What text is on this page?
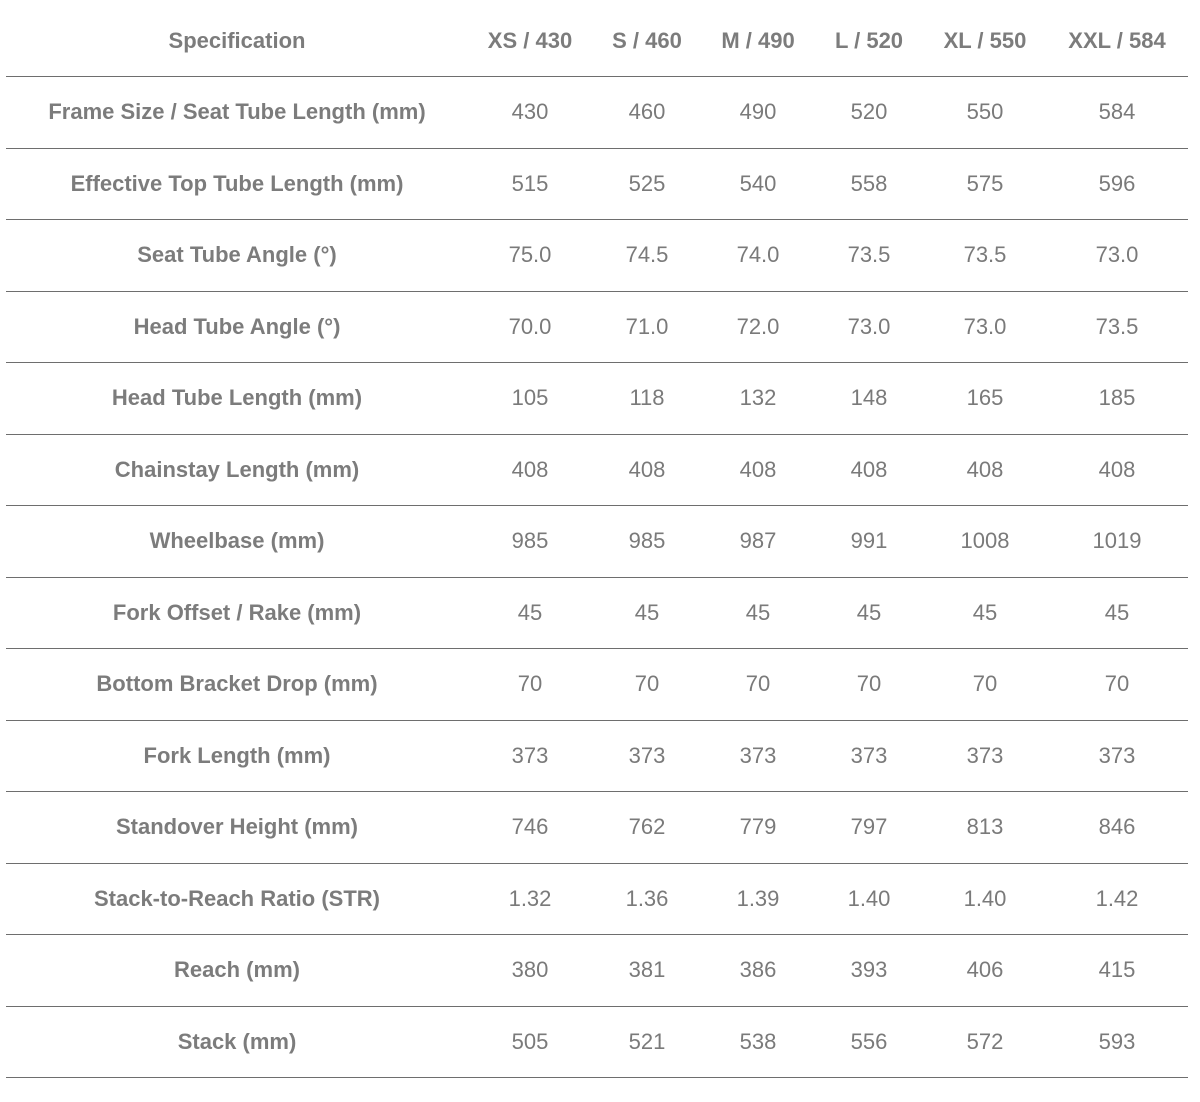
Specification	XS / 430	S / 460	M / 490	L / 520	XL / 550	XXL / 584
Frame Size / Seat Tube Length (mm)	430	460	490	520	550	584
Effective Top Tube Length (mm)	515	525	540	558	575	596
Seat Tube Angle (°)	75.0	74.5	74.0	73.5	73.5	73.0
Head Tube Angle (°)	70.0	71.0	72.0	73.0	73.0	73.5
Head Tube Length (mm)	105	118	132	148	165	185
Chainstay Length (mm)	408	408	408	408	408	408
Wheelbase (mm)	985	985	987	991	1008	1019
Fork Offset / Rake (mm)	45	45	45	45	45	45
Bottom Bracket Drop (mm)	70	70	70	70	70	70
Fork Length (mm)	373	373	373	373	373	373
Standover Height (mm)	746	762	779	797	813	846
Stack-to-Reach Ratio (STR)	1.32	1.36	1.39	1.40	1.40	1.42
Reach (mm)	380	381	386	393	406	415
Stack (mm)	505	521	538	556	572	593
